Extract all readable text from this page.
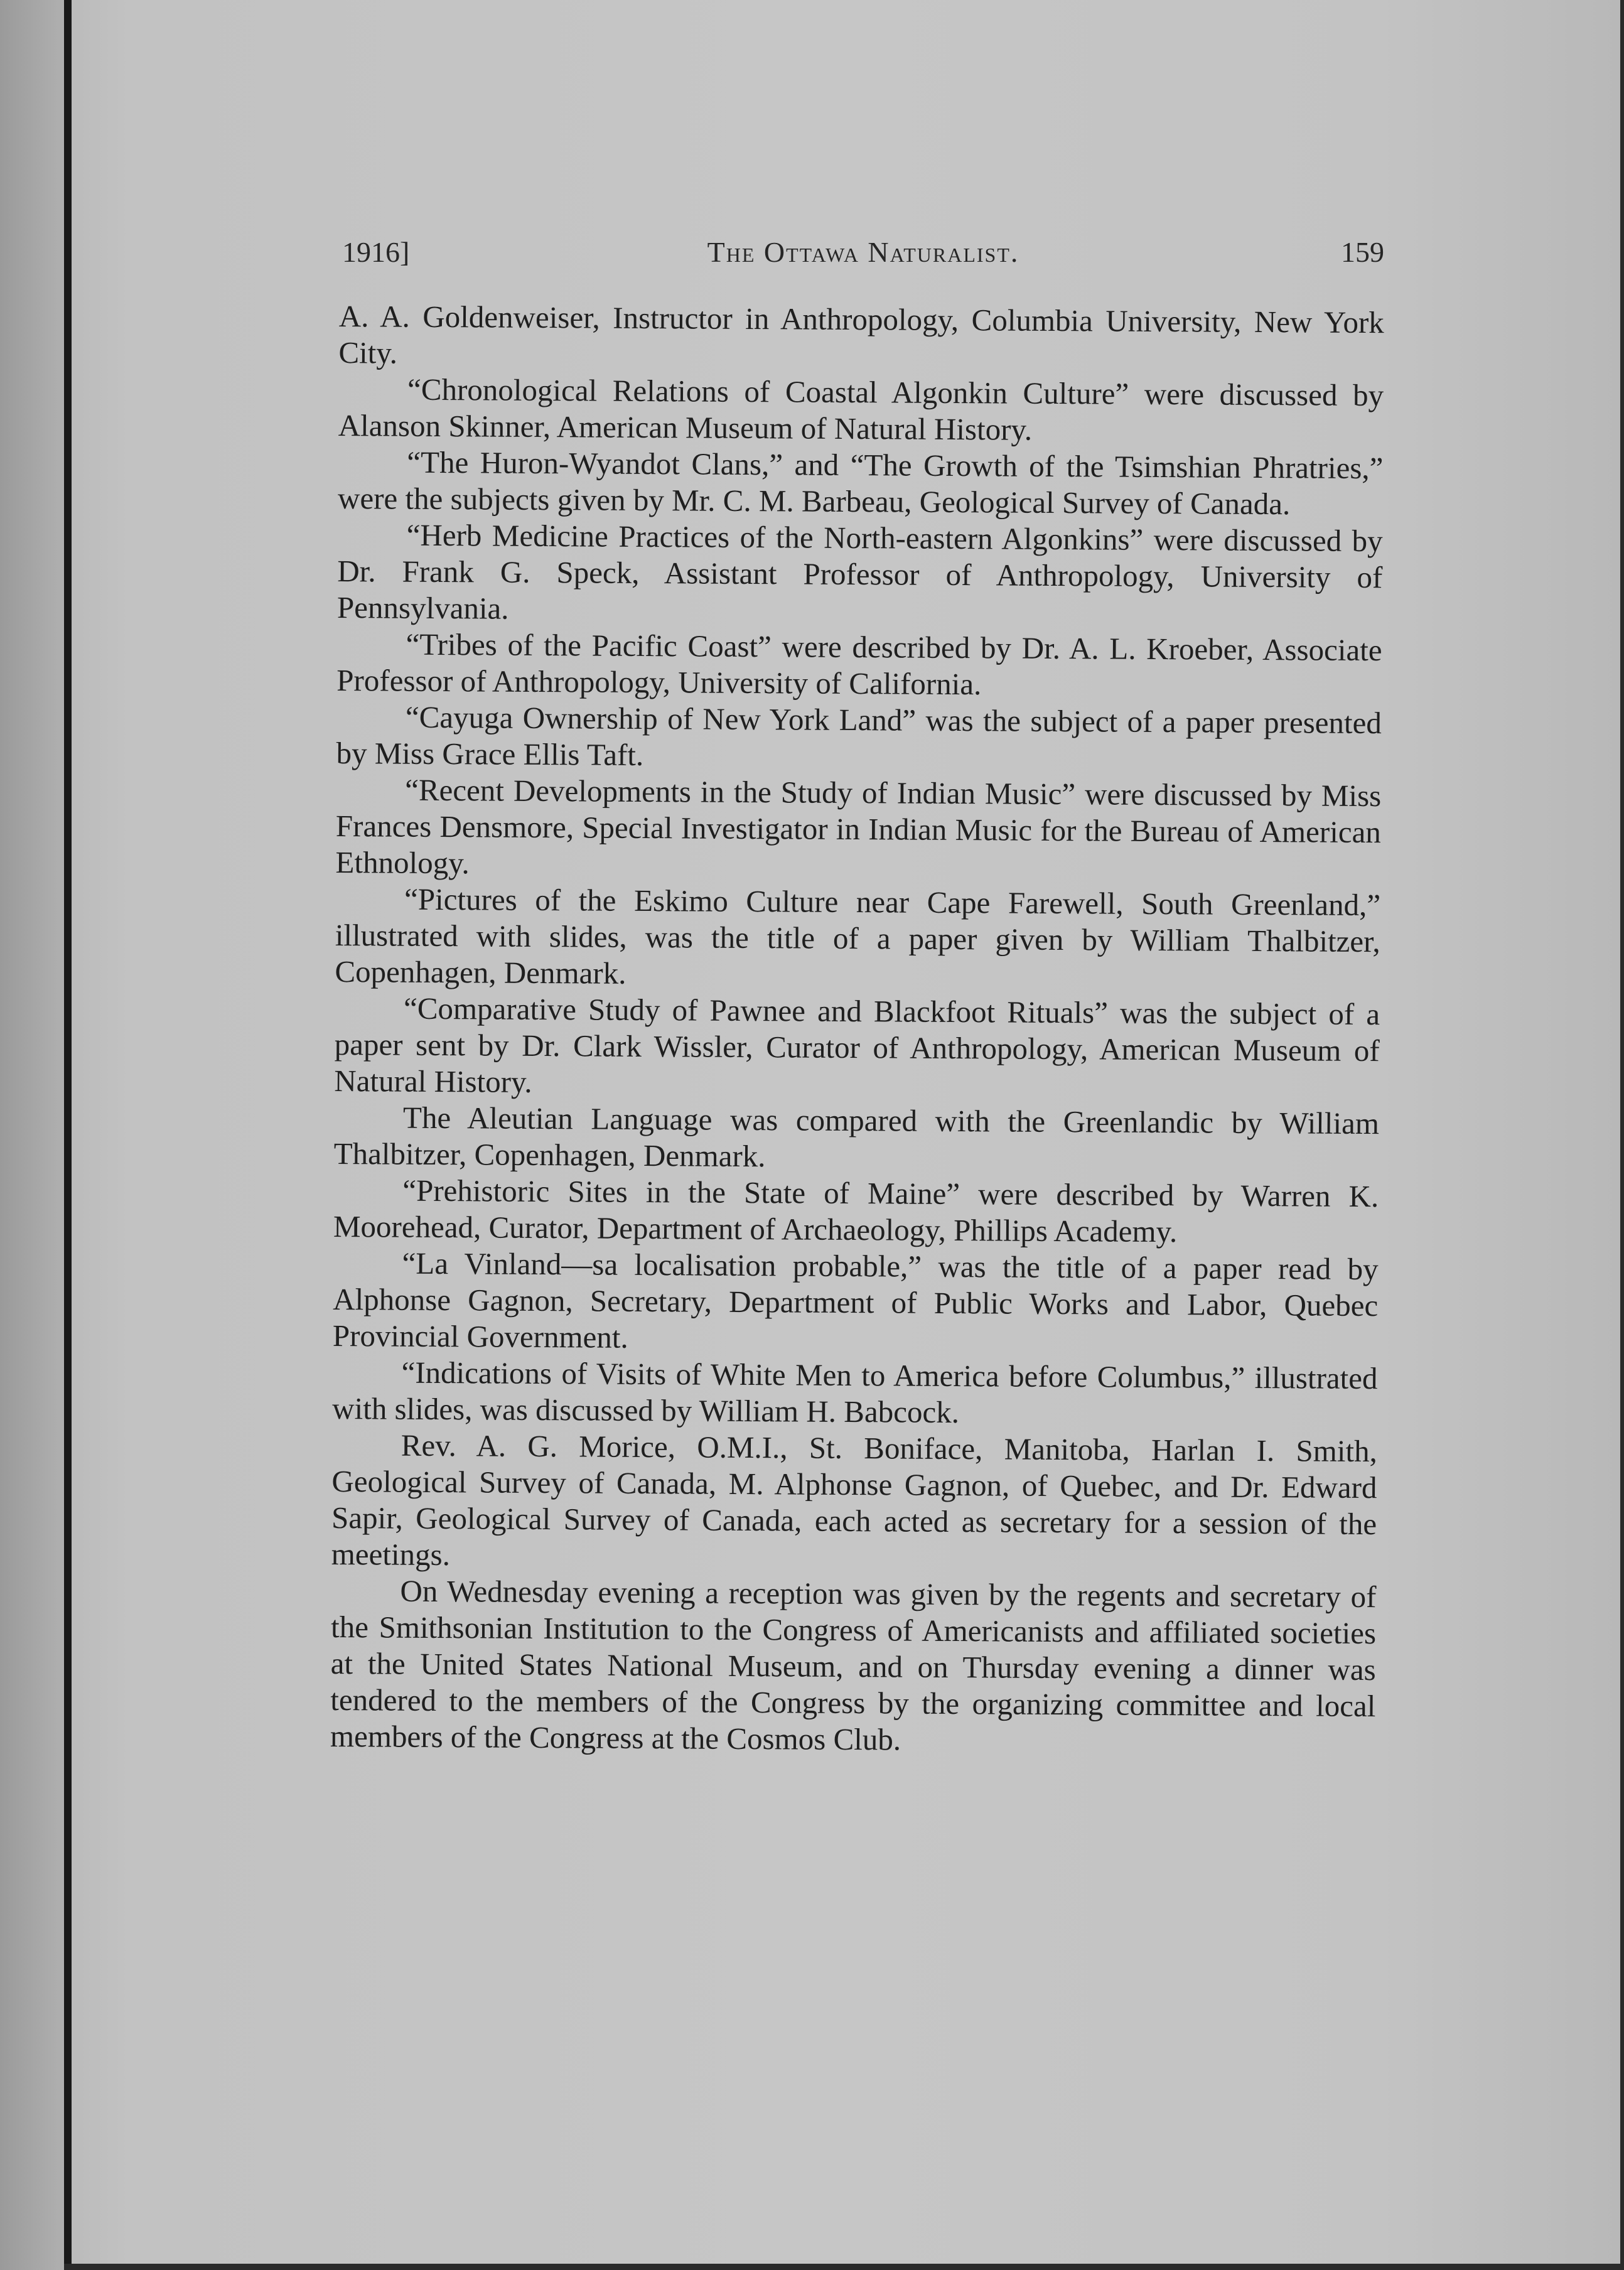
1916]	The Ottawa Naturalist.	159

A. A. Goldenweiser, Instructor in Anthropology, Columbia University, New York City.

“Chronological Relations of Coastal Algonkin Culture” were discussed by Alanson Skinner, American Museum of Natural History.

“The Huron-Wyandot Clans,” and “The Growth of the Tsimshian Phratries,” were the subjects given by Mr. C. M. Barbeau, Geological Survey of Canada.

“Herb Medicine Practices of the North-eastern Algonkins” were discussed by Dr. Frank G. Speck, Assistant Professor of Anthropology, University of Pennsylvania.

“Tribes of the Pacific Coast” were described by Dr. A. L. Kroeber, Associate Professor of Anthropology, University of California.

“Cayuga Ownership of New York Land” was the subject of a paper presented by Miss Grace Ellis Taft.

“Recent Developments in the Study of Indian Music” were discussed by Miss Frances Densmore, Special Investigator in Indian Music for the Bureau of American Ethnology.

“Pictures of the Eskimo Culture near Cape Farewell, South Greenland,” illustrated with slides, was the title of a paper given by William Thalbitzer, Copenhagen, Denmark.

“Comparative Study of Pawnee and Blackfoot Rituals” was the subject of a paper sent by Dr. Clark Wissler, Curator of Anthropology, American Museum of Natural History.

The Aleutian Language was compared with the Greenlandic by William Thalbitzer, Copenhagen, Denmark.

“Prehistoric Sites in the State of Maine” were described by Warren K. Moorehead, Curator, Department of Archaeology, Phillips Academy.

“La Vinland—sa localisation probable,” was the title of a paper read by Alphonse Gagnon, Secretary, Department of Public Works and Labor, Quebec Provincial Government.

“Indications of Visits of White Men to America before Columbus,” illustrated with slides, was discussed by William H. Babcock.

Rev. A. G. Morice, O.M.I., St. Boniface, Manitoba, Harlan I. Smith, Geological Survey of Canada, M. Alphonse Gagnon, of Quebec, and Dr. Edward Sapir, Geological Survey of Canada, each acted as secretary for a session of the meetings.

On Wednesday evening a reception was given by the regents and secretary of the Smithsonian Institution to the Congress of Americanists and affiliated societies at the United States National Museum, and on Thursday evening a dinner was tendered to the members of the Congress by the organizing committee and local members of the Congress at the Cosmos Club.
